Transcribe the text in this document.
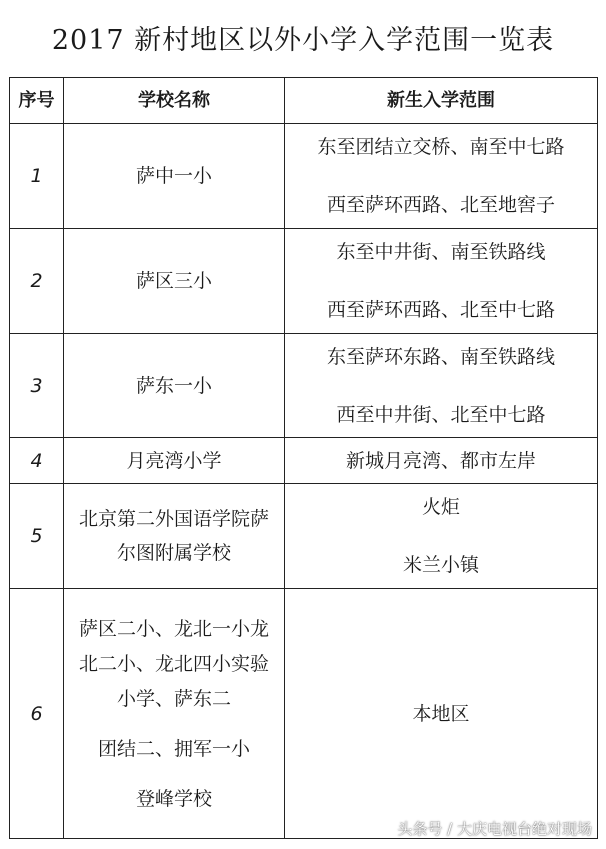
2017 新村地区以外小学入学范围一览表
序号	学校名称	新生入学范围
1	萨中一小	东至团结立交桥、南至中七路
西至萨环西路、北至地窖子

2	萨区三小	东至中井街、南至铁路线
西至萨环西路、北至中七路

3	萨东一小	东至萨环东路、南至铁路线
西至中井街、北至中七路

4	月亮湾小学	新城月亮湾、都市左岸

5	北京第二外国语学院萨
尔图附属学校	火炬
米兰小镇

6	萨区二小、龙北一小龙
北二小、龙北四小实验
小学、萨东二
团结二、拥军一小
登峰学校	本地区
头条号 / 大庆电视台绝对现场
